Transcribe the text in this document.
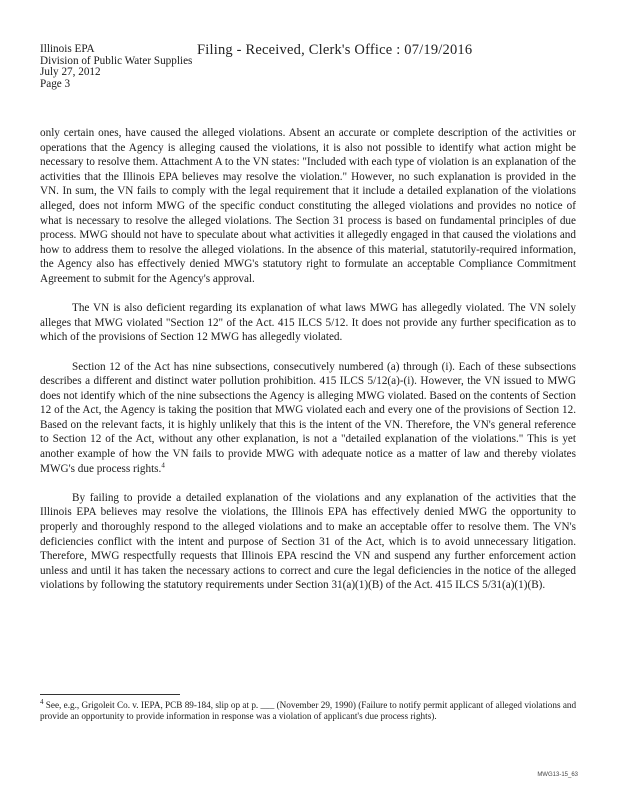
Filing - Received, Clerk's Office : 07/19/2016
Illinois EPA
Division of Public Water Supplies
July 27, 2012
Page 3

only certain ones, have caused the alleged violations. Absent an accurate or complete description of the activities or operations that the Agency is alleging caused the violations, it is also not possible to identify what action might be necessary to resolve them. Attachment A to the VN states: "Included with each type of violation is an explanation of the activities that the Illinois EPA believes may resolve the violation." However, no such explanation is provided in the VN. In sum, the VN fails to comply with the legal requirement that it include a detailed explanation of the violations alleged, does not inform MWG of the specific conduct constituting the alleged violations and provides no notice of what is necessary to resolve the alleged violations. The Section 31 process is based on fundamental principles of due process. MWG should not have to speculate about what activities it allegedly engaged in that caused the violations and how to address them to resolve the alleged violations. In the absence of this material, statutorily-required information, the Agency also has effectively denied MWG's statutory right to formulate an acceptable Compliance Commitment Agreement to submit for the Agency's approval.

The VN is also deficient regarding its explanation of what laws MWG has allegedly violated. The VN solely alleges that MWG violated "Section 12" of the Act. 415 ILCS 5/12. It does not provide any further specification as to which of the provisions of Section 12 MWG has allegedly violated.

Section 12 of the Act has nine subsections, consecutively numbered (a) through (i). Each of these subsections describes a different and distinct water pollution prohibition. 415 ILCS 5/12(a)-(i). However, the VN issued to MWG does not identify which of the nine subsections the Agency is alleging MWG violated. Based on the contents of Section 12 of the Act, the Agency is taking the position that MWG violated each and every one of the provisions of Section 12. Based on the relevant facts, it is highly unlikely that this is the intent of the VN. Therefore, the VN's general reference to Section 12 of the Act, without any other explanation, is not a "detailed explanation of the violations." This is yet another example of how the VN fails to provide MWG with adequate notice as a matter of law and thereby violates MWG's due process rights.$^4$

By failing to provide a detailed explanation of the violations and any explanation of the activities that the Illinois EPA believes may resolve the violations, the Illinois EPA has effectively denied MWG the opportunity to properly and thoroughly respond to the alleged violations and to make an acceptable offer to resolve them. The VN's deficiencies conflict with the intent and purpose of Section 31 of the Act, which is to avoid unnecessary litigation. Therefore, MWG respectfully requests that Illinois EPA rescind the VN and suspend any further enforcement action unless and until it has taken the necessary actions to correct and cure the legal deficiencies in the notice of the alleged violations by following the statutory requirements under Section 31(a)(1)(B) of the Act. 415 ILCS 5/31(a)(1)(B).

$^4$ See, e.g., Grigoleit Co. v. IEPA, PCB 89-184, slip op at p. ___ (November 29, 1990) (Failure to notify permit applicant of alleged violations and provide an opportunity to provide information in response was a violation of applicant's due process rights).
MWG13-15_63
